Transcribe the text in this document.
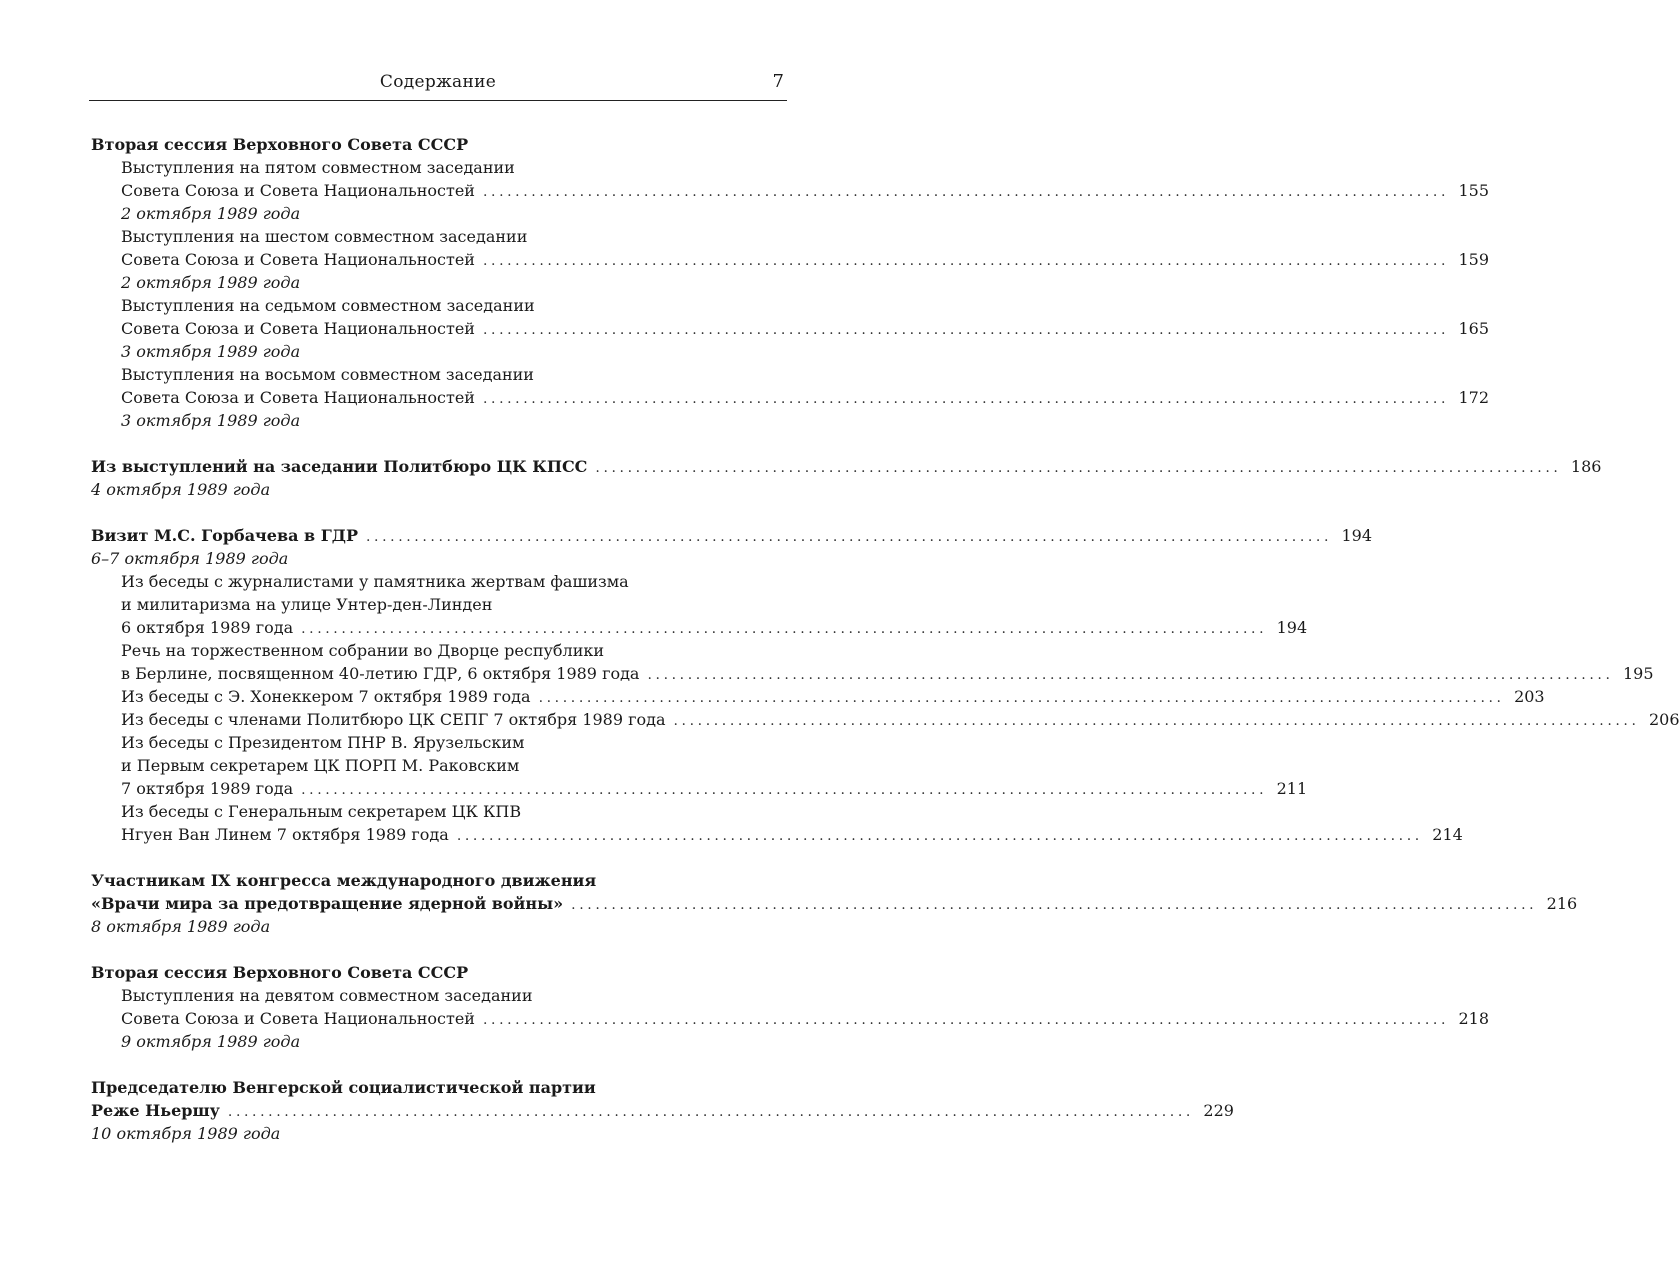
Содержание	7
Вторая сессия Верховного Совета СССР
Выступления на пятом совместном заседании
Совета Союза и Совета Национальностей ........................................................................................................................ 155
2 октября 1989 года
Выступления на шестом совместном заседании
Совета Союза и Совета Национальностей ........................................................................................................................ 159
2 октября 1989 года
Выступления на седьмом совместном заседании
Совета Союза и Совета Национальностей ........................................................................................................................ 165
3 октября 1989 года
Выступления на восьмом совместном заседании
Совета Союза и Совета Национальностей ........................................................................................................................ 172
3 октября 1989 года
Из выступлений на заседании Политбюро ЦК КПСС ........................................................................................................................ 186
4 октября 1989 года
Визит М.С. Горбачева в ГДР ........................................................................................................................ 194
6–7 октября 1989 года
Из беседы с журналистами у памятника жертвам фашизма
и милитаризма на улице Унтер-ден-Линден
6 октября 1989 года ........................................................................................................................ 194
Речь на торжественном собрании во Дворце республики
в Берлине, посвященном 40-летию ГДР, 6 октября 1989 года ........................................................................................................................ 195
Из беседы с Э. Хонеккером 7 октября 1989 года ........................................................................................................................ 203
Из беседы с членами Политбюро ЦК СЕПГ 7 октября 1989 года ........................................................................................................................ 206
Из беседы с Президентом ПНР В. Ярузельским
и Первым секретарем ЦК ПОРП М. Раковским
7 октября 1989 года ........................................................................................................................ 211
Из беседы с Генеральным секретарем ЦК КПВ
Нгуен Ван Линем 7 октября 1989 года ........................................................................................................................ 214
Участникам IX конгресса международного движения
«Врачи мира за предотвращение ядерной войны» ........................................................................................................................ 216
8 октября 1989 года
Вторая сессия Верховного Совета СССР
Выступления на девятом совместном заседании
Совета Союза и Совета Национальностей ........................................................................................................................ 218
9 октября 1989 года
Председателю Венгерской социалистической партии
Реже Ньершу ........................................................................................................................ 229
10 октября 1989 года
